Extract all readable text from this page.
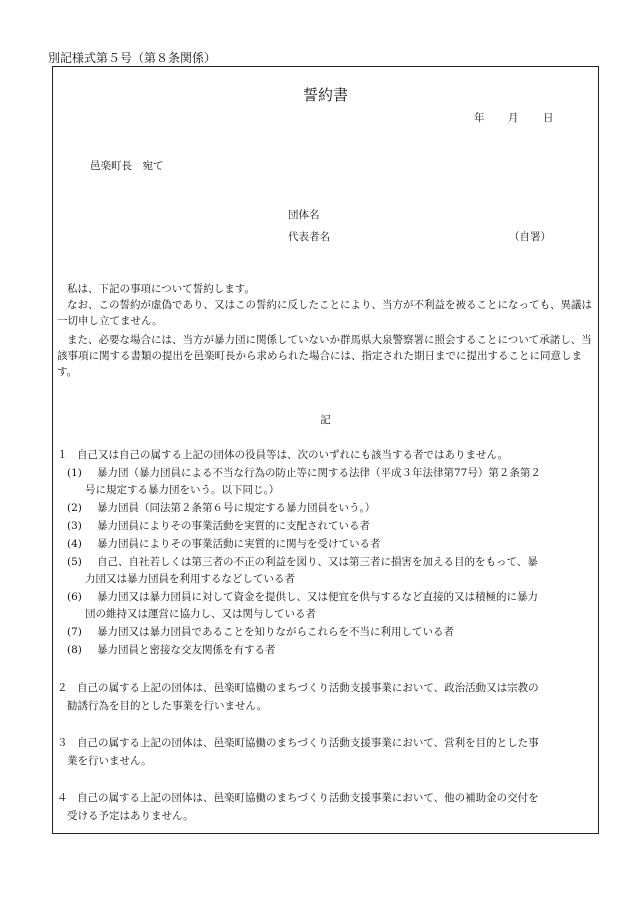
別記様式第５号（第８条関係）
誓約書
年 月 日
邑楽町長　宛て
団体名
代表者名	（自署）
私は、下記の事項について誓約します。
なお、この誓約が虚偽であり、又はこの誓約に反したことにより、当方が不利益を被ることになっても、異議は一切申し立てません。
また、必要な場合には、当方が暴力団に関係していないか群馬県大泉警察署に照会することについて承諾し、当該事項に関する書類の提出を邑楽町長から求められた場合には、指定された期日までに提出することに同意します。
記
１ 自己又は自己の属する上記の団体の役員等は、次のいずれにも該当する者ではありません。
(1) 暴力団（暴力団員による不当な行為の防止等に関する法律（平成３年法律第77号）第２条第２
号に規定する暴力団をいう。以下同じ。）
(2) 暴力団員（同法第２条第６号に規定する暴力団員をいう。）
(3) 暴力団員によりその事業活動を実質的に支配されている者
(4) 暴力団員によりその事業活動に実質的に関与を受けている者
(5) 自己、自社若しくは第三者の不正の利益を図り、又は第三者に損害を加える目的をもって、暴
力団又は暴力団員を利用するなどしている者
(6) 暴力団又は暴力団員に対して資金を提供し、又は便宜を供与するなど直接的又は積極的に暴力
団の維持又は運営に協力し、又は関与している者
(7) 暴力団又は暴力団員であることを知りながらこれらを不当に利用している者
(8) 暴力団員と密接な交友関係を有する者
２ 自己の属する上記の団体は、邑楽町協働のまちづくり活動支援事業において、政治活動又は宗教の
勧誘行為を目的とした事業を行いません。
３ 自己の属する上記の団体は、邑楽町協働のまちづくり活動支援事業において、営利を目的とした事
業を行いません。
４ 自己の属する上記の団体は、邑楽町協働のまちづくり活動支援事業において、他の補助金の交付を
受ける予定はありません。
